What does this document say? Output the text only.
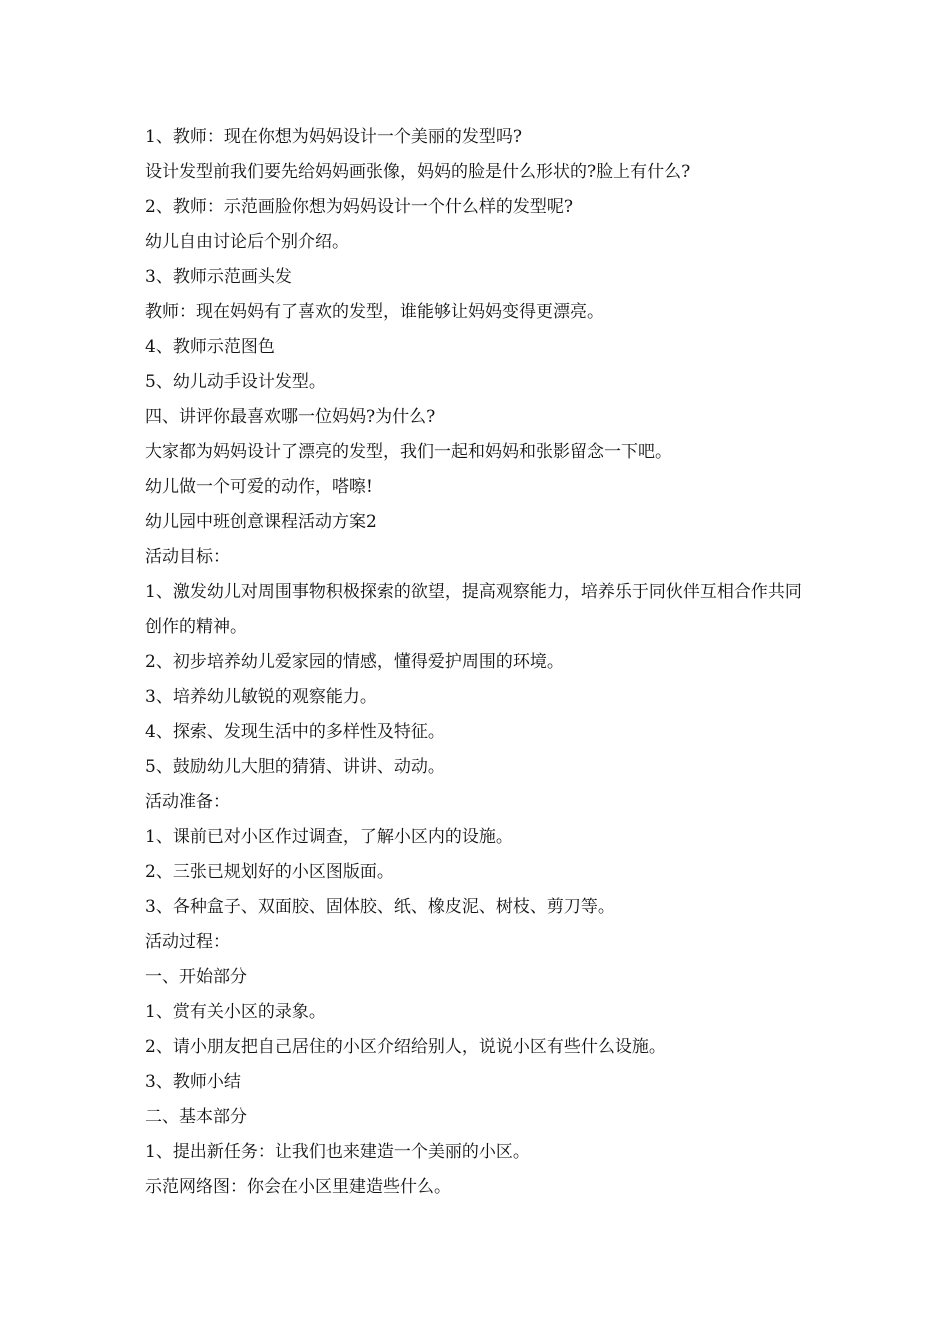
1、教师：现在你想为妈妈设计一个美丽的发型吗?
设计发型前我们要先给妈妈画张像，妈妈的脸是什么形状的?脸上有什么?
2、教师：示范画脸你想为妈妈设计一个什么样的发型呢?
幼儿自由讨论后个别介绍。
3、教师示范画头发
教师：现在妈妈有了喜欢的发型，谁能够让妈妈变得更漂亮。
4、教师示范图色
5、幼儿动手设计发型。
四、讲评你最喜欢哪一位妈妈?为什么?
大家都为妈妈设计了漂亮的发型，我们一起和妈妈和张影留念一下吧。
幼儿做一个可爱的动作，嗒嚓!
幼儿园中班创意课程活动方案2
活动目标：
1、激发幼儿对周围事物积极探索的欲望，提高观察能力，培养乐于同伙伴互相合作共同创作的精神。
2、初步培养幼儿爱家园的情感，懂得爱护周围的环境。
3、培养幼儿敏锐的观察能力。
4、探索、发现生活中的多样性及特征。
5、鼓励幼儿大胆的猜猜、讲讲、动动。
活动准备：
1、课前已对小区作过调查，了解小区内的设施。
2、三张已规划好的小区图版面。
3、各种盒子、双面胶、固体胶、纸、橡皮泥、树枝、剪刀等。
活动过程：
一、开始部分
1、赏有关小区的录象。
2、请小朋友把自己居住的小区介绍给别人，说说小区有些什么设施。
3、教师小结
二、基本部分
1、提出新任务：让我们也来建造一个美丽的小区。
示范网络图：你会在小区里建造些什么。
